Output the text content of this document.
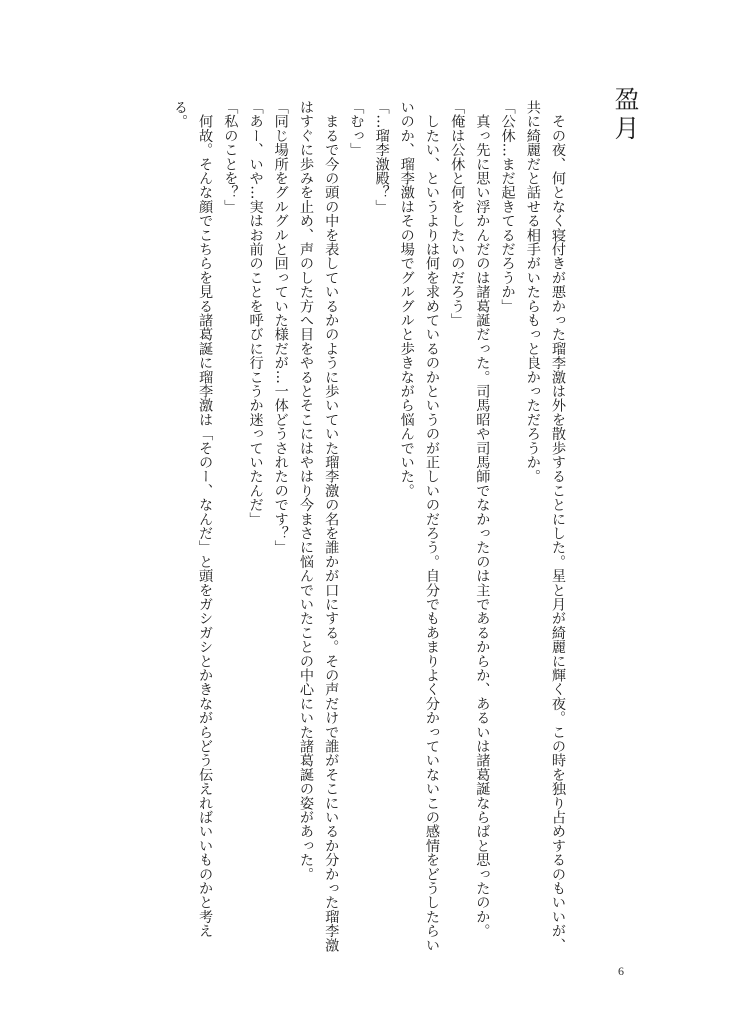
盈月

　その夜、何となく寝付きが悪かった瑠李激は外を散歩することにした。星と月が綺麗に輝く夜。この時を独り占めするのもいいが、共に綺麗だと話せる相手がいたらもっと良かっただろうか。

「公休…まだ起きてるだろうか」

　真っ先に思い浮かんだのは諸葛誕だった。司馬昭や司馬師でなかったのは主であるからか、あるいは諸葛誕ならばと思ったのか。

「俺は公休と何をしたいのだろう」

　したい、というよりは何を求めているのかというのが正しいのだろう。自分でもあまりよく分かっていないこの感情をどうしたらいいのか、瑠李激はその場でグルグルと歩きながら悩んでいた。

「…瑠李激殿？」

「むっ」

　まるで今の頭の中を表しているかのように歩いていた瑠李激の名を誰かが口にする。その声だけで誰がそこにいるか分かった瑠李激はすぐに歩みを止め、声のした方へ目をやるとそこにはやはり今まさに悩んでいたことの中心にいた諸葛誕の姿があった。

「同じ場所をグルグルと回っていた様だが…一体どうされたのです？」

「あー、いや…実はお前のことを呼びに行こうか迷っていたんだ」

「私のことを？」

　何故。そんな顔でこちらを見る諸葛誕に瑠李激は「そのー、なんだ」と頭をガシガシとかきながらどう伝えればいいものかと考える。

6
